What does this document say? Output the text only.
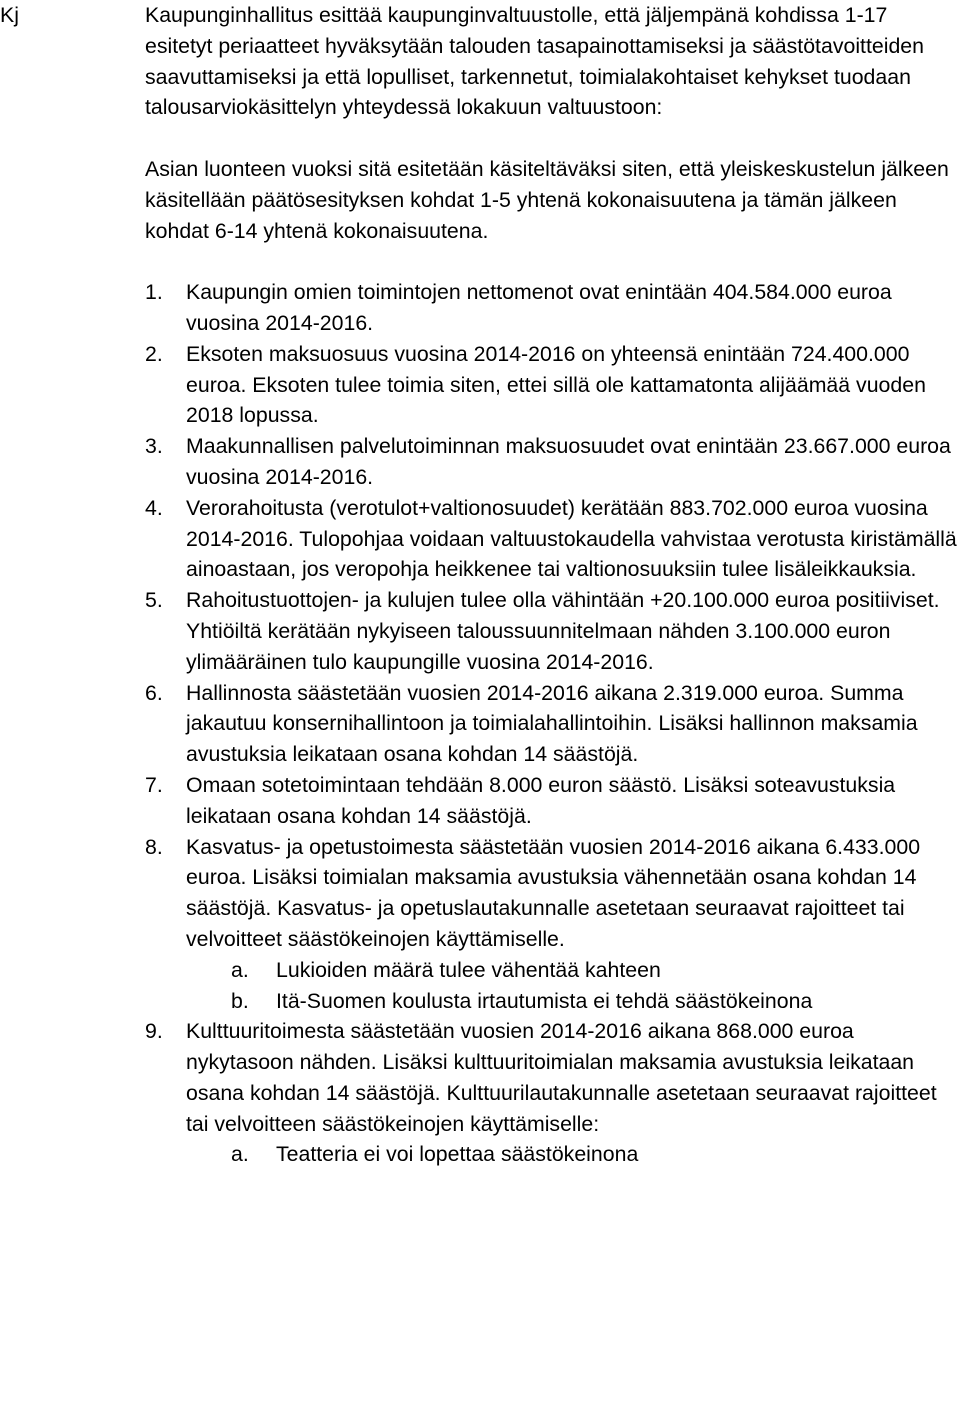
Kj	Kaupunginhallitus esittää kaupunginvaltuustolle, että jäljempänä kohdissa 1-17 esitetyt periaatteet hyväksytään talouden tasapainottamiseksi ja säästötavoitteiden saavuttamiseksi ja että lopulliset, tarkennetut, toimialakohtaiset kehykset tuodaan talousarviokäsittelyn yhteydessä lokakuun valtuustoon:

Asian luonteen vuoksi sitä esitetään käsiteltäväksi siten, että yleiskeskustelun jälkeen käsitellään päätösesityksen kohdat 1-5 yhtenä kokonaisuutena ja tämän jälkeen kohdat 6-14 yhtenä kokonaisuutena.

1.	Kaupungin omien toimintojen nettomenot ovat enintään 404.584.000 euroa vuosina 2014-2016.
2.	Eksoten maksuosuus vuosina 2014-2016 on yhteensä enintään 724.400.000 euroa. Eksoten tulee toimia siten, ettei sillä ole kattamatonta alijäämää vuoden 2018 lopussa.
3.	Maakunnallisen palvelutoiminnan maksuosuudet ovat enintään 23.667.000 euroa vuosina 2014-2016.
4.	Verorahoitusta (verotulot+valtionosuudet) kerätään 883.702.000 euroa vuosina 2014-2016. Tulopohjaa voidaan valtuustokaudella vahvistaa verotusta kiristämällä ainoastaan, jos veropohja heikkenee tai valtionosuuksiin tulee lisäleikkauksia.
5.	Rahoitustuottojen- ja kulujen tulee olla vähintään +20.100.000 euroa positiiviset. Yhtiöiltä kerätään nykyiseen taloussuunnitelmaan nähden 3.100.000 euron ylimääräinen tulo kaupungille vuosina 2014-2016.
6.	Hallinnosta säästetään vuosien 2014-2016 aikana 2.319.000 euroa. Summa jakautuu konsernihallintoon ja toimialahallintoihin. Lisäksi hallinnon maksamia avustuksia leikataan osana kohdan 14 säästöjä.
7.	Omaan sotetoimintaan tehdään 8.000 euron säästö. Lisäksi soteavustuksia leikataan osana kohdan 14 säästöjä.
8.	Kasvatus- ja opetustoimesta säästetään vuosien 2014-2016 aikana 6.433.000 euroa. Lisäksi toimialan maksamia avustuksia vähennetään osana kohdan 14 säästöjä. Kasvatus- ja opetuslautakunnalle asetetaan seuraavat rajoitteet tai velvoitteet säästökeinojen käyttämiselle.
a.	Lukioiden määrä tulee vähentää kahteen
b.	Itä-Suomen koulusta irtautumista ei tehdä säästökeinona
9.	Kulttuuritoimesta säästetään vuosien 2014-2016 aikana 868.000 euroa nykytasoon nähden. Lisäksi kulttuuritoimialan maksamia avustuksia leikataan osana kohdan 14 säästöjä. Kulttuurilautakunnalle asetetaan seuraavat rajoitteet tai velvoitteen säästökeinojen käyttämiselle:
a.	Teatteria ei voi lopettaa säästökeinona
